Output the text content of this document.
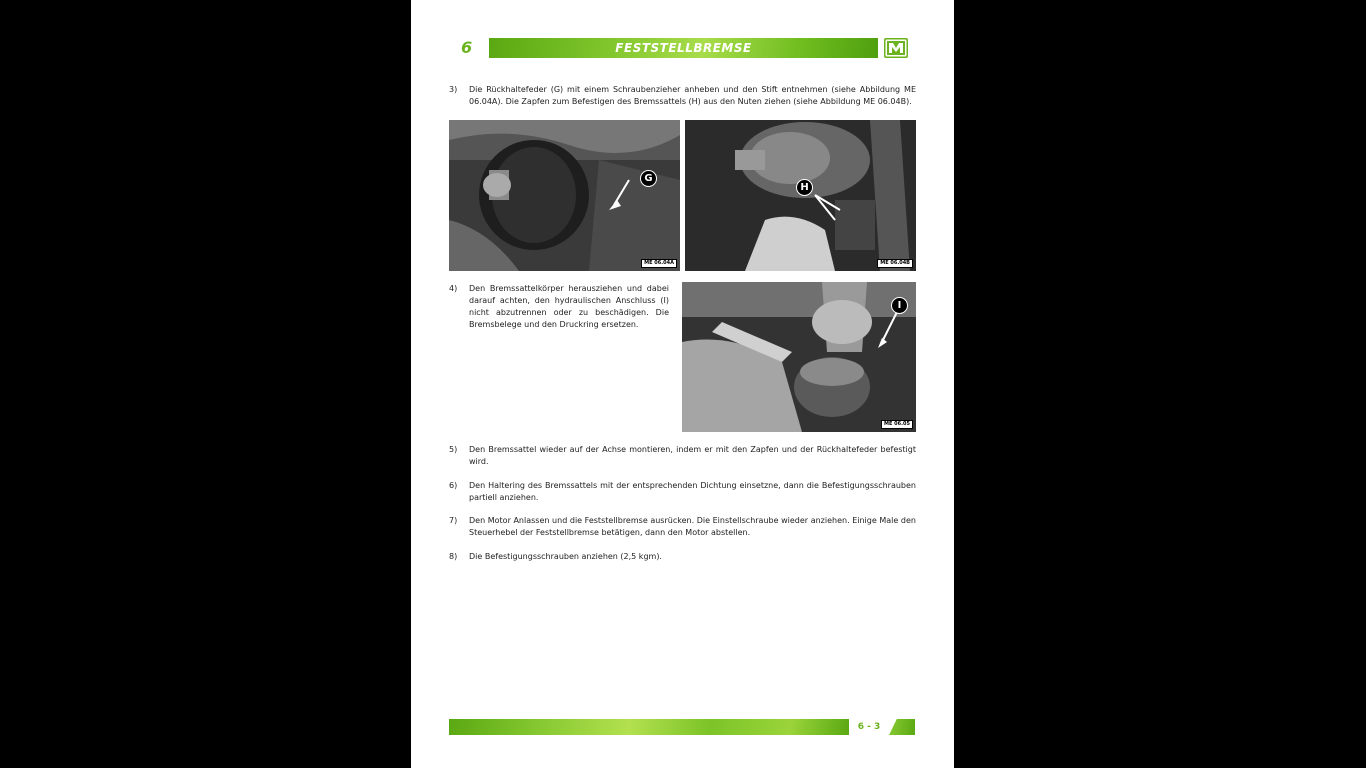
6	FESTSTELLBREMSE
3) Die Rückhaltefeder (G) mit einem Schraubenzieher anheben und den Stift entnehmen (siehe Abbildung ME 06.04A). Die Zapfen zum Befestigen des Bremssattels (H) aus den Nuten ziehen (siehe Abbildung ME 06.04B).
G
ME 06.04A
H
ME 06.04B
4) Den Bremssattelkörper herausziehen und dabei darauf achten, den hydraulischen Anschluss (I) nicht abzutrennen oder zu beschädigen. Die Bremsbelege und den Druckring ersetzen.
I
ME 06.05
5) Den Bremssattel wieder auf der Achse montieren, indem er mit den Zapfen und der Rückhaltefeder befestigt wird.
6) Den Haltering des Bremssattels mit der entsprechenden Dichtung einsetzne, dann die Befestigungsschrauben partiell anziehen.
7) Den Motor Anlassen und die Feststellbremse ausrücken. Die Einstellschraube wieder anziehen. Einige Male den Steuerhebel der Feststellbremse betätigen, dann den Motor abstellen.
8) Die Befestigungsschrauben anziehen (2,5 kgm).
6 - 3
